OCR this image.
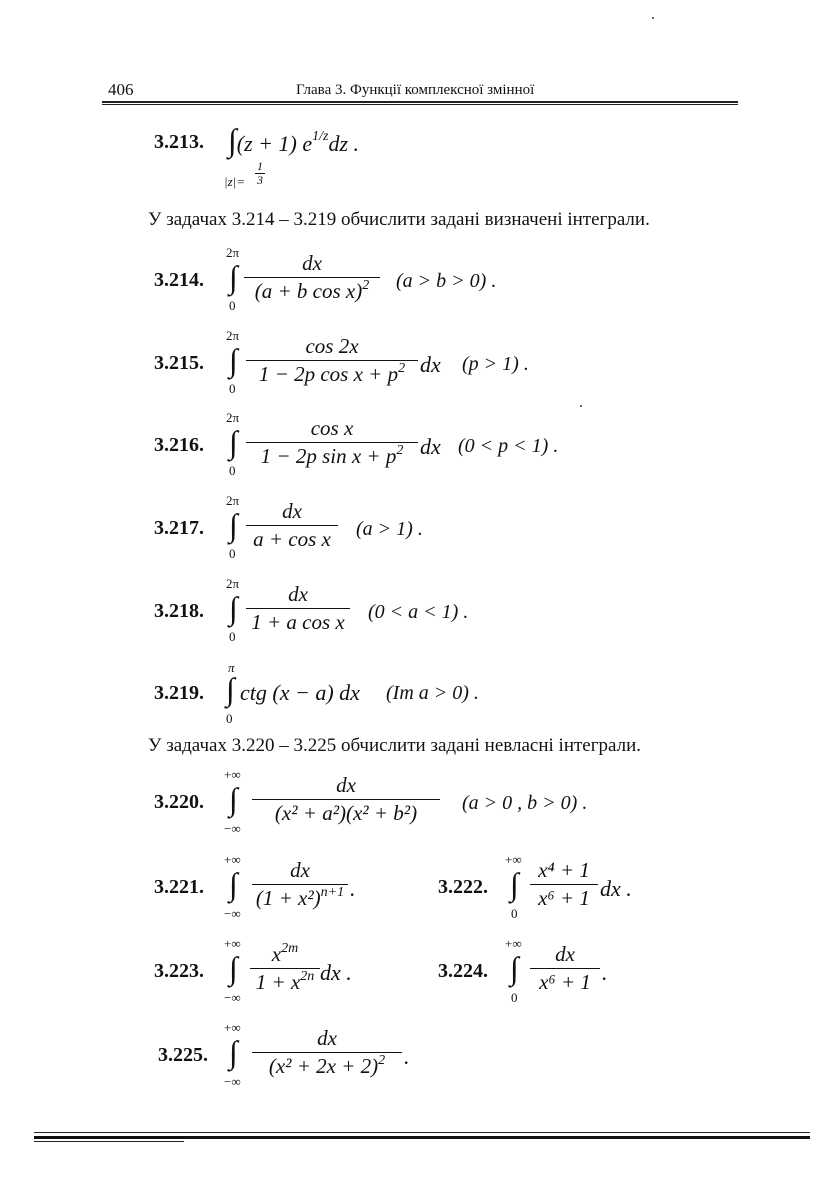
406	Глава 3. Функції комплексної змінної
3.213. ∫(z + 1) $e^{1/z}dz$ .
|z|=
1
3
У задачах 3.214 – 3.219 обчислити задані визначені інтеграли.
3.214.
2π
∫
0
dx
(a + b cos x)$^2$	(a > b > 0) .
3.215.
2π
∫
0
cos 2x
1 − 2p $\cos x + p^2$ dx (p > 1) .
3.216.
2π
∫
0
cos x
1 − 2p $\sin x + p^2$ dx (0 < p < 1) .
3.217.
2π
∫
0
dx
a + cos x	(a > 1) .
3.218.
2π
∫
0
dx
1 + a cos x (0 < a < 1) .
3.219.
π
∫
0
ctg (x − a) dx (Im a > 0) .
У задачах 3.220 – 3.225 обчислити задані невласні інтеграли.
3.220.
+∞
∫
−∞
dx
(x² + a²)(x² + b²)	(a > 0 , b > 0) .
3.221.
+∞
∫
−∞
dx
$(1 + x^2)^{n+1}$ .	3.222.
+∞
∫
0
x⁴ + 1
x⁶ + 1 dx .
3.223.
+∞
∫
−∞
$x^{2m}$
$1 + x^{2n}$ dx .	3.224.
+∞
∫
0
dx
x⁶ + 1 .
3.225.
+∞
∫
−∞
dx
$(x^2 + 2x + 2)^2$ .
